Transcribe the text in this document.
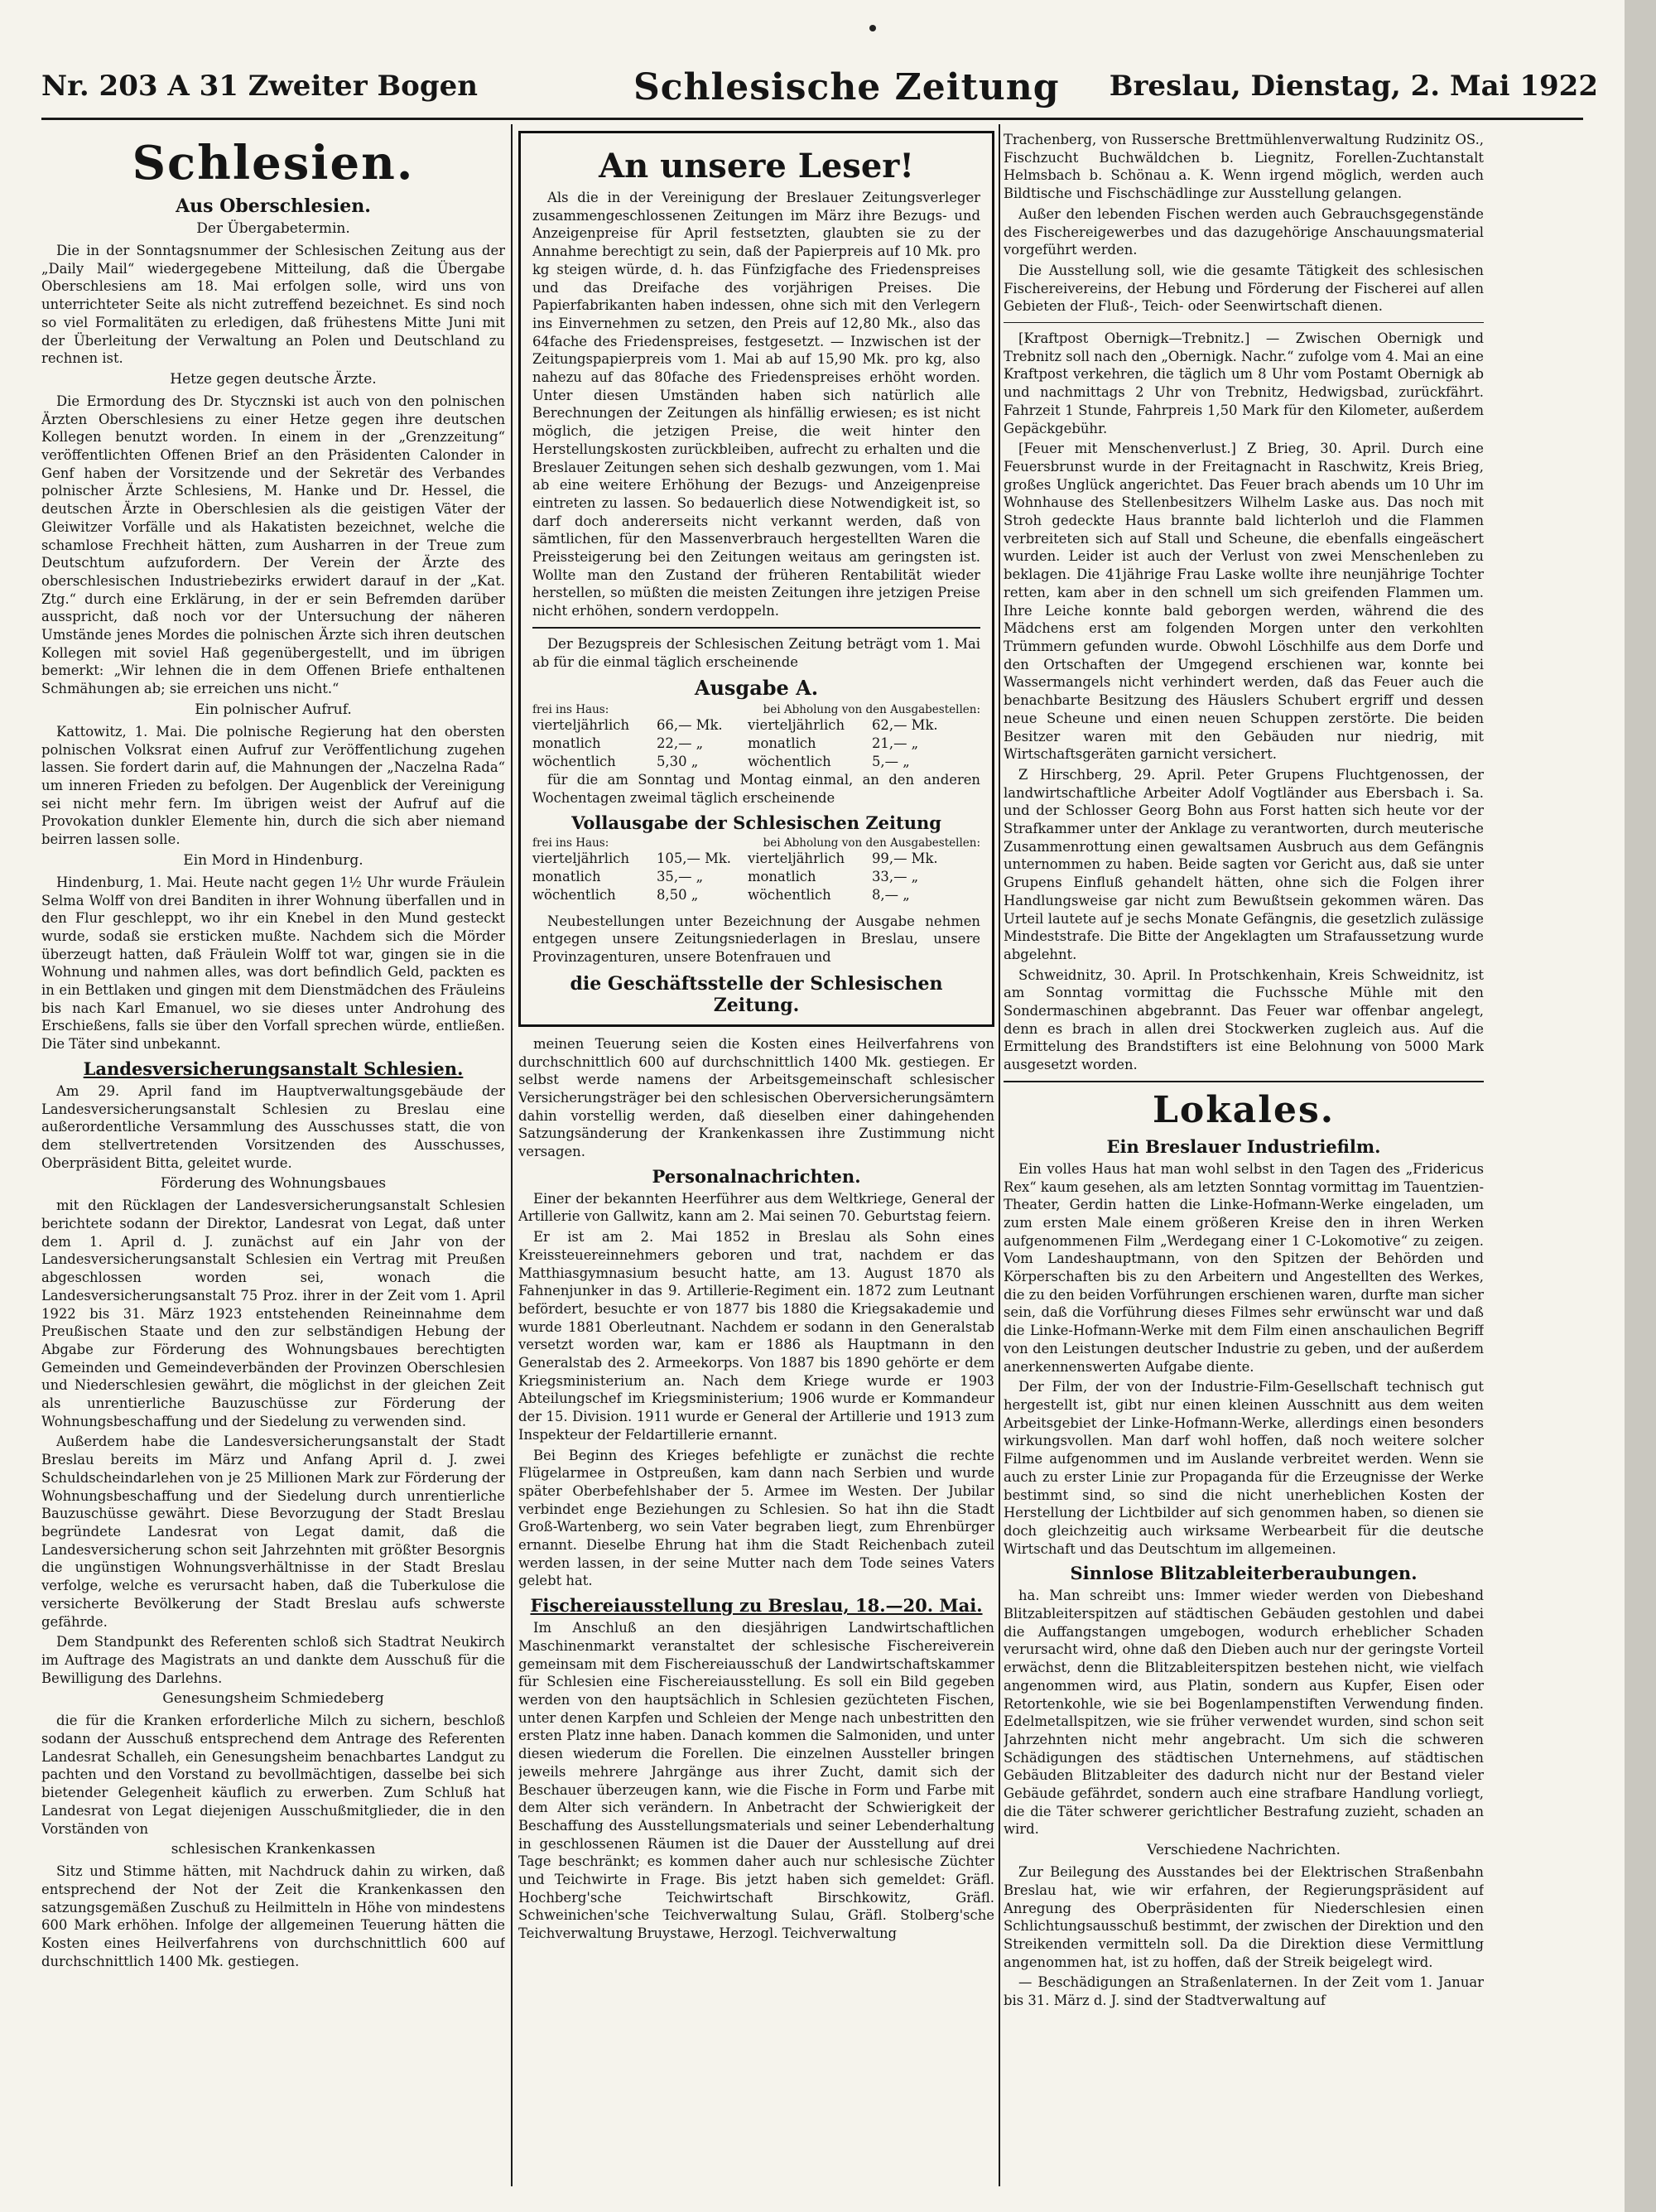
Nr. 203 A 31 Zweiter Bogen	Schlesische Zeitung Breslau, Dienstag, 2. Mai 1922
Schlesien.
Aus Oberschlesien.
Der Übergabetermin.

Die in der Sonntagsnummer der Schlesischen Zeitung aus der „Daily Mail“ wiedergegebene Mitteilung, daß die Übergabe Oberschlesiens am 18. Mai erfolgen solle, wird uns von unterrichteter Seite als nicht zutreffend bezeichnet. Es sind noch so viel Formalitäten zu erledigen, daß frühestens Mitte Juni mit der Überleitung der Verwaltung an Polen und Deutschland zu rechnen ist.

Hetze gegen deutsche Ärzte.

Die Ermordung des Dr. Stycznski ist auch von den polnischen Ärzten Oberschlesiens zu einer Hetze gegen ihre deutschen Kollegen benutzt worden. In einem in der „Grenzzeitung“ veröffentlichten Offenen Brief an den Präsidenten Calonder in Genf haben der Vorsitzende und der Sekretär des Verbandes polnischer Ärzte Schlesiens, M. Hanke und Dr. Hessel, die deutschen Ärzte in Oberschlesien als die geistigen Väter der Gleiwitzer Vorfälle und als Hakatisten bezeichnet, welche die schamlose Frechheit hätten, zum Ausharren in der Treue zum Deutschtum aufzufordern. Der Verein der Ärzte des oberschlesischen Industriebezirks erwidert darauf in der „Kat. Ztg.“ durch eine Erklärung, in der er sein Befremden darüber ausspricht, daß noch vor der Untersuchung der näheren Umstände jenes Mordes die polnischen Ärzte sich ihren deutschen Kollegen mit soviel Haß gegenübergestellt, und im übrigen bemerkt: „Wir lehnen die in dem Offenen Briefe enthaltenen Schmähungen ab; sie erreichen uns nicht.“

Ein polnischer Aufruf.

Kattowitz, 1. Mai. Die polnische Regierung hat den obersten polnischen Volksrat einen Aufruf zur Veröffentlichung zugehen lassen. Sie fordert darin auf, die Mahnungen der „Naczelna Rada“ um inneren Frieden zu befolgen. Der Augenblick der Vereinigung sei nicht mehr fern. Im übrigen weist der Aufruf auf die Provokation dunkler Elemente hin, durch die sich aber niemand beirren lassen solle.

Ein Mord in Hindenburg.

Hindenburg, 1. Mai. Heute nacht gegen 1½ Uhr wurde Fräulein Selma Wolff von drei Banditen in ihrer Wohnung überfallen und in den Flur geschleppt, wo ihr ein Knebel in den Mund gesteckt wurde, sodaß sie ersticken mußte. Nachdem sich die Mörder überzeugt hatten, daß Fräulein Wolff tot war, gingen sie in die Wohnung und nahmen alles, was dort befindlich Geld, packten es in ein Bettlaken und gingen mit dem Dienstmädchen des Fräuleins bis nach Karl Emanuel, wo sie dieses unter Androhung des Erschießens, falls sie über den Vorfall sprechen würde, entließen. Die Täter sind unbekannt.

Landesversicherungsanstalt Schlesien.

Am 29. April fand im Hauptverwaltungsgebäude der Landesversicherungsanstalt Schlesien zu Breslau eine außerordentliche Versammlung des Ausschusses statt, die von dem stellvertretenden Vorsitzenden des Ausschusses, Oberpräsident Bitta, geleitet wurde.

Förderung des Wohnungsbaues

mit den Rücklagen der Landesversicherungsanstalt Schlesien berichtete sodann der Direktor, Landesrat von Legat, daß unter dem 1. April d. J. zunächst auf ein Jahr von der Landesversicherungsanstalt Schlesien ein Vertrag mit Preußen abgeschlossen worden sei, wonach die Landesversicherungsanstalt 75 Proz. ihrer in der Zeit vom 1. April 1922 bis 31. März 1923 entstehenden Reineinnahme dem Preußischen Staate und den zur selbständigen Hebung der Abgabe zur Förderung des Wohnungsbaues berechtigten Gemeinden und Gemeindeverbänden der Provinzen Oberschlesien und Niederschlesien gewährt, die möglichst in der gleichen Zeit als unrentierliche Bauzuschüsse zur Förderung der Wohnungsbeschaffung und der Siedelung zu verwenden sind.

Außerdem habe die Landesversicherungsanstalt der Stadt Breslau bereits im März und Anfang April d. J. zwei Schuldscheindarlehen von je 25 Millionen Mark zur Förderung der Wohnungsbeschaffung und der Siedelung durch unrentierliche Bauzuschüsse gewährt. Diese Bevorzugung der Stadt Breslau begründete Landesrat von Legat damit, daß die Landesversicherung schon seit Jahrzehnten mit größter Besorgnis die ungünstigen Wohnungsverhältnisse in der Stadt Breslau verfolge, welche es verursacht haben, daß die Tuberkulose die versicherte Bevölkerung der Stadt Breslau aufs schwerste gefährde.

Dem Standpunkt des Referenten schloß sich Stadtrat Neukirch im Auftrage des Magistrats an und dankte dem Ausschuß für die Bewilligung des Darlehns.

Genesungsheim Schmiedeberg

die für die Kranken erforderliche Milch zu sichern, beschloß sodann der Ausschuß entsprechend dem Antrage des Referenten Landesrat Schalleh, ein Genesungsheim benachbartes Landgut zu pachten und den Vorstand zu bevollmächtigen, dasselbe bei sich bietender Gelegenheit käuflich zu erwerben. Zum Schluß hat Landesrat von Legat diejenigen Ausschußmitglieder, die in den Vorständen von

schlesischen Krankenkassen

Sitz und Stimme hätten, mit Nachdruck dahin zu wirken, daß entsprechend der Not der Zeit die Krankenkassen den satzungsgemäßen Zuschuß zu Heilmitteln in Höhe von mindestens 600 Mark erhöhen. Infolge der allgemeinen Teuerung hätten die Kosten eines Heilverfahrens von durchschnittlich 600 auf durchschnittlich 1400 Mk. gestiegen.

An unsere Leser!

Als die in der Vereinigung der Breslauer Zeitungsverleger zusammengeschlossenen Zeitungen im März ihre Bezugs- und Anzeigenpreise für April festsetzten, glaubten sie zu der Annahme berechtigt zu sein, daß der Papierpreis auf 10 Mk. pro kg steigen würde, d. h. das Fünfzigfache des Friedenspreises und das Dreifache des vorjährigen Preises. Die Papierfabrikanten haben indessen, ohne sich mit den Verlegern ins Einvernehmen zu setzen, den Preis auf 12,80 Mk., also das 64fache des Friedenspreises, festgesetzt. — Inzwischen ist der Zeitungspapierpreis vom 1. Mai ab auf 15,90 Mk. pro kg, also nahezu auf das 80fache des Friedenspreises erhöht worden. Unter diesen Umständen haben sich natürlich alle Berechnungen der Zeitungen als hinfällig erwiesen; es ist nicht möglich, die jetzigen Preise, die weit hinter den Herstellungskosten zurückbleiben, aufrecht zu erhalten und die Breslauer Zeitungen sehen sich deshalb gezwungen, vom 1. Mai ab eine weitere Erhöhung der Bezugs- und Anzeigenpreise eintreten zu lassen. So bedauerlich diese Notwendigkeit ist, so darf doch andererseits nicht verkannt werden, daß von sämtlichen, für den Massenverbrauch hergestellten Waren die Preissteigerung bei den Zeitungen weitaus am geringsten ist. Wollte man den Zustand der früheren Rentabilität wieder herstellen, so müßten die meisten Zeitungen ihre jetzigen Preise nicht erhöhen, sondern verdoppeln.

Der Bezugspreis der Schlesischen Zeitung beträgt vom 1. Mai ab für die einmal täglich erscheinende

Ausgabe A.
frei ins Haus:	bei Abholung von den Ausgabestellen:
vierteljährlich	66,— Mk.	vierteljährlich	62,— Mk.
monatlich	22,— „	monatlich	21,— „
wöchentlich	5,30 „	wöchentlich	5,— „

für die am Sonntag und Montag einmal, an den anderen Wochentagen zweimal täglich erscheinende

Vollausgabe der Schlesischen Zeitung
frei ins Haus:	bei Abholung von den Ausgabestellen:
vierteljährlich	105,— Mk.	vierteljährlich	99,— Mk.
monatlich	35,— „	monatlich	33,— „
wöchentlich	8,50 „	wöchentlich	8,— „

Neubestellungen unter Bezeichnung der Ausgabe nehmen entgegen unsere Zeitungsniederlagen in Breslau, unsere Provinzagenturen, unsere Botenfrauen und

die Geschäftsstelle der Schlesischen Zeitung.

meinen Teuerung seien die Kosten eines Heilverfahrens von durchschnittlich 600 auf durchschnittlich 1400 Mk. gestiegen. Er selbst werde namens der Arbeitsgemeinschaft schlesischer Versicherungsträger bei den schlesischen Oberversicherungsämtern dahin vorstellig werden, daß dieselben einer dahingehenden Satzungsänderung der Krankenkassen ihre Zustimmung nicht versagen.

Personalnachrichten.

Einer der bekannten Heerführer aus dem Weltkriege, General der Artillerie von Gallwitz, kann am 2. Mai seinen 70. Geburtstag feiern.

Er ist am 2. Mai 1852 in Breslau als Sohn eines Kreissteuereinnehmers geboren und trat, nachdem er das Matthiasgymnasium besucht hatte, am 13. August 1870 als Fahnenjunker in das 9. Artillerie-Regiment ein. 1872 zum Leutnant befördert, besuchte er von 1877 bis 1880 die Kriegsakademie und wurde 1881 Oberleutnant. Nachdem er sodann in den Generalstab versetzt worden war, kam er 1886 als Hauptmann in den Generalstab des 2. Armeekorps. Von 1887 bis 1890 gehörte er dem Kriegsministerium an. Nach dem Kriege wurde er 1903 Abteilungschef im Kriegsministerium; 1906 wurde er Kommandeur der 15. Division. 1911 wurde er General der Artillerie und 1913 zum Inspekteur der Feldartillerie ernannt.

Bei Beginn des Krieges befehligte er zunächst die rechte Flügelarmee in Ostpreußen, kam dann nach Serbien und wurde später Oberbefehlshaber der 5. Armee im Westen. Der Jubilar verbindet enge Beziehungen zu Schlesien. So hat ihn die Stadt Groß-Wartenberg, wo sein Vater begraben liegt, zum Ehrenbürger ernannt. Dieselbe Ehrung hat ihm die Stadt Reichenbach zuteil werden lassen, in der seine Mutter nach dem Tode seines Vaters gelebt hat.

Fischereiausstellung zu Breslau, 18.—20. Mai.

Im Anschluß an den diesjährigen Landwirtschaftlichen Maschinenmarkt veranstaltet der schlesische Fischereiverein gemeinsam mit dem Fischereiausschuß der Landwirtschaftskammer für Schlesien eine Fischereiausstellung. Es soll ein Bild gegeben werden von den hauptsächlich in Schlesien gezüchteten Fischen, unter denen Karpfen und Schleien der Menge nach unbestritten den ersten Platz inne haben. Danach kommen die Salmoniden, und unter diesen wiederum die Forellen. Die einzelnen Aussteller bringen jeweils mehrere Jahrgänge aus ihrer Zucht, damit sich der Beschauer überzeugen kann, wie die Fische in Form und Farbe mit dem Alter sich verändern. In Anbetracht der Schwierigkeit der Beschaffung des Ausstellungsmaterials und seiner Lebenderhaltung in geschlossenen Räumen ist die Dauer der Ausstellung auf drei Tage beschränkt; es kommen daher auch nur schlesische Züchter und Teichwirte in Frage. Bis jetzt haben sich gemeldet: Gräfl. Hochberg'sche Teichwirtschaft Birschkowitz, Gräfl. Schweinichen'sche Teichverwaltung Sulau, Gräfl. Stolberg'sche Teichverwaltung Bruystawe, Herzogl. Teichverwaltung

Trachenberg, von Russersche Brettmühlenverwaltung Rudzinitz OS., Fischzucht Buchwäldchen b. Liegnitz, Forellen-Zuchtanstalt Helmsbach b. Schönau a. K. Wenn irgend möglich, werden auch Bildtische und Fischschädlinge zur Ausstellung gelangen.

Außer den lebenden Fischen werden auch Gebrauchsgegenstände des Fischereigewerbes und das dazugehörige Anschauungsmaterial vorgeführt werden.

Die Ausstellung soll, wie die gesamte Tätigkeit des schlesischen Fischereivereins, der Hebung und Förderung der Fischerei auf allen Gebieten der Fluß-, Teich- oder Seenwirtschaft dienen.

[Kraftpost Obernigk—Trebnitz.] — Zwischen Obernigk und Trebnitz soll nach den „Obernigk. Nachr.“ zufolge vom 4. Mai an eine Kraftpost verkehren, die täglich um 8 Uhr vom Postamt Obernigk ab und nachmittags 2 Uhr von Trebnitz, Hedwigsbad, zurückfährt. Fahrzeit 1 Stunde, Fahrpreis 1,50 Mark für den Kilometer, außerdem Gepäckgebühr.

[Feuer mit Menschenverlust.] Z Brieg, 30. April. Durch eine Feuersbrunst wurde in der Freitagnacht in Raschwitz, Kreis Brieg, großes Unglück angerichtet. Das Feuer brach abends um 10 Uhr im Wohnhause des Stellenbesitzers Wilhelm Laske aus. Das noch mit Stroh gedeckte Haus brannte bald lichterloh und die Flammen verbreiteten sich auf Stall und Scheune, die ebenfalls eingeäschert wurden. Leider ist auch der Verlust von zwei Menschenleben zu beklagen. Die 41jährige Frau Laske wollte ihre neunjährige Tochter retten, kam aber in den schnell um sich greifenden Flammen um. Ihre Leiche konnte bald geborgen werden, während die des Mädchens erst am folgenden Morgen unter den verkohlten Trümmern gefunden wurde. Obwohl Löschhilfe aus dem Dorfe und den Ortschaften der Umgegend erschienen war, konnte bei Wassermangels nicht verhindert werden, daß das Feuer auch die benachbarte Besitzung des Häuslers Schubert ergriff und dessen neue Scheune und einen neuen Schuppen zerstörte. Die beiden Besitzer waren mit den Gebäuden nur niedrig, mit Wirtschaftsgeräten garnicht versichert.

Z Hirschberg, 29. April. Peter Grupens Fluchtgenossen, der landwirtschaftliche Arbeiter Adolf Vogtländer aus Ebersbach i. Sa. und der Schlosser Georg Bohn aus Forst hatten sich heute vor der Strafkammer unter der Anklage zu verantworten, durch meuterische Zusammenrottung einen gewaltsamen Ausbruch aus dem Gefängnis unternommen zu haben. Beide sagten vor Gericht aus, daß sie unter Grupens Einfluß gehandelt hätten, ohne sich die Folgen ihrer Handlungsweise gar nicht zum Bewußtsein gekommen wären. Das Urteil lautete auf je sechs Monate Gefängnis, die gesetzlich zulässige Mindeststrafe. Die Bitte der Angeklagten um Strafaussetzung wurde abgelehnt.

Schweidnitz, 30. April. In Protschkenhain, Kreis Schweidnitz, ist am Sonntag vormittag die Fuchssche Mühle mit den Sondermaschinen abgebrannt. Das Feuer war offenbar angelegt, denn es brach in allen drei Stockwerken zugleich aus. Auf die Ermittelung des Brandstifters ist eine Belohnung von 5000 Mark ausgesetzt worden.

Lokales.
Ein Breslauer Industriefilm.

Ein volles Haus hat man wohl selbst in den Tagen des „Fridericus Rex“ kaum gesehen, als am letzten Sonntag vormittag im Tauentzien-Theater, Gerdin hatten die Linke-Hofmann-Werke eingeladen, um zum ersten Male einem größeren Kreise den in ihren Werken aufgenommenen Film „Werdegang einer 1 C-Lokomotive“ zu zeigen. Vom Landeshauptmann, von den Spitzen der Behörden und Körperschaften bis zu den Arbeitern und Angestellten des Werkes, die zu den beiden Vorführungen erschienen waren, durfte man sicher sein, daß die Vorführung dieses Filmes sehr erwünscht war und daß die Linke-Hofmann-Werke mit dem Film einen anschaulichen Begriff von den Leistungen deutscher Industrie zu geben, und der außerdem anerkennenswerten Aufgabe diente.

Der Film, der von der Industrie-Film-Gesellschaft technisch gut hergestellt ist, gibt nur einen kleinen Ausschnitt aus dem weiten Arbeitsgebiet der Linke-Hofmann-Werke, allerdings einen besonders wirkungsvollen. Man darf wohl hoffen, daß noch weitere solcher Filme aufgenommen und im Auslande verbreitet werden. Wenn sie auch zu erster Linie zur Propaganda für die Erzeugnisse der Werke bestimmt sind, so sind die nicht unerheblichen Kosten der Herstellung der Lichtbilder auf sich genommen haben, so dienen sie doch gleichzeitig auch wirksame Werbearbeit für die deutsche Wirtschaft und das Deutschtum im allgemeinen.

Sinnlose Blitzableiterberaubungen.

ha. Man schreibt uns: Immer wieder werden von Diebeshand Blitzableiterspitzen auf städtischen Gebäuden gestohlen und dabei die Auffangstangen umgebogen, wodurch erheblicher Schaden verursacht wird, ohne daß den Dieben auch nur der geringste Vorteil erwächst, denn die Blitzableiterspitzen bestehen nicht, wie vielfach angenommen wird, aus Platin, sondern aus Kupfer, Eisen oder Retortenkohle, wie sie bei Bogenlampenstiften Verwendung finden. Edelmetallspitzen, wie sie früher verwendet wurden, sind schon seit Jahrzehnten nicht mehr angebracht. Um sich die schweren Schädigungen des städtischen Unternehmens, auf städtischen Gebäuden Blitzableiter des dadurch nicht nur der Bestand vieler Gebäude gefährdet, sondern auch eine strafbare Handlung vorliegt, die die Täter schwerer gerichtlicher Bestrafung zuzieht, schaden an wird.

Verschiedene Nachrichten.

Zur Beilegung des Ausstandes bei der Elektrischen Straßenbahn Breslau hat, wie wir erfahren, der Regierungspräsident auf Anregung des Oberpräsidenten für Niederschlesien einen Schlichtungsausschuß bestimmt, der zwischen der Direktion und den Streikenden vermitteln soll. Da die Direktion diese Vermittlung angenommen hat, ist zu hoffen, daß der Streik beigelegt wird.

— Beschädigungen an Straßenlaternen. In der Zeit vom 1. Januar bis 31. März d. J. sind der Stadtverwaltung auf
